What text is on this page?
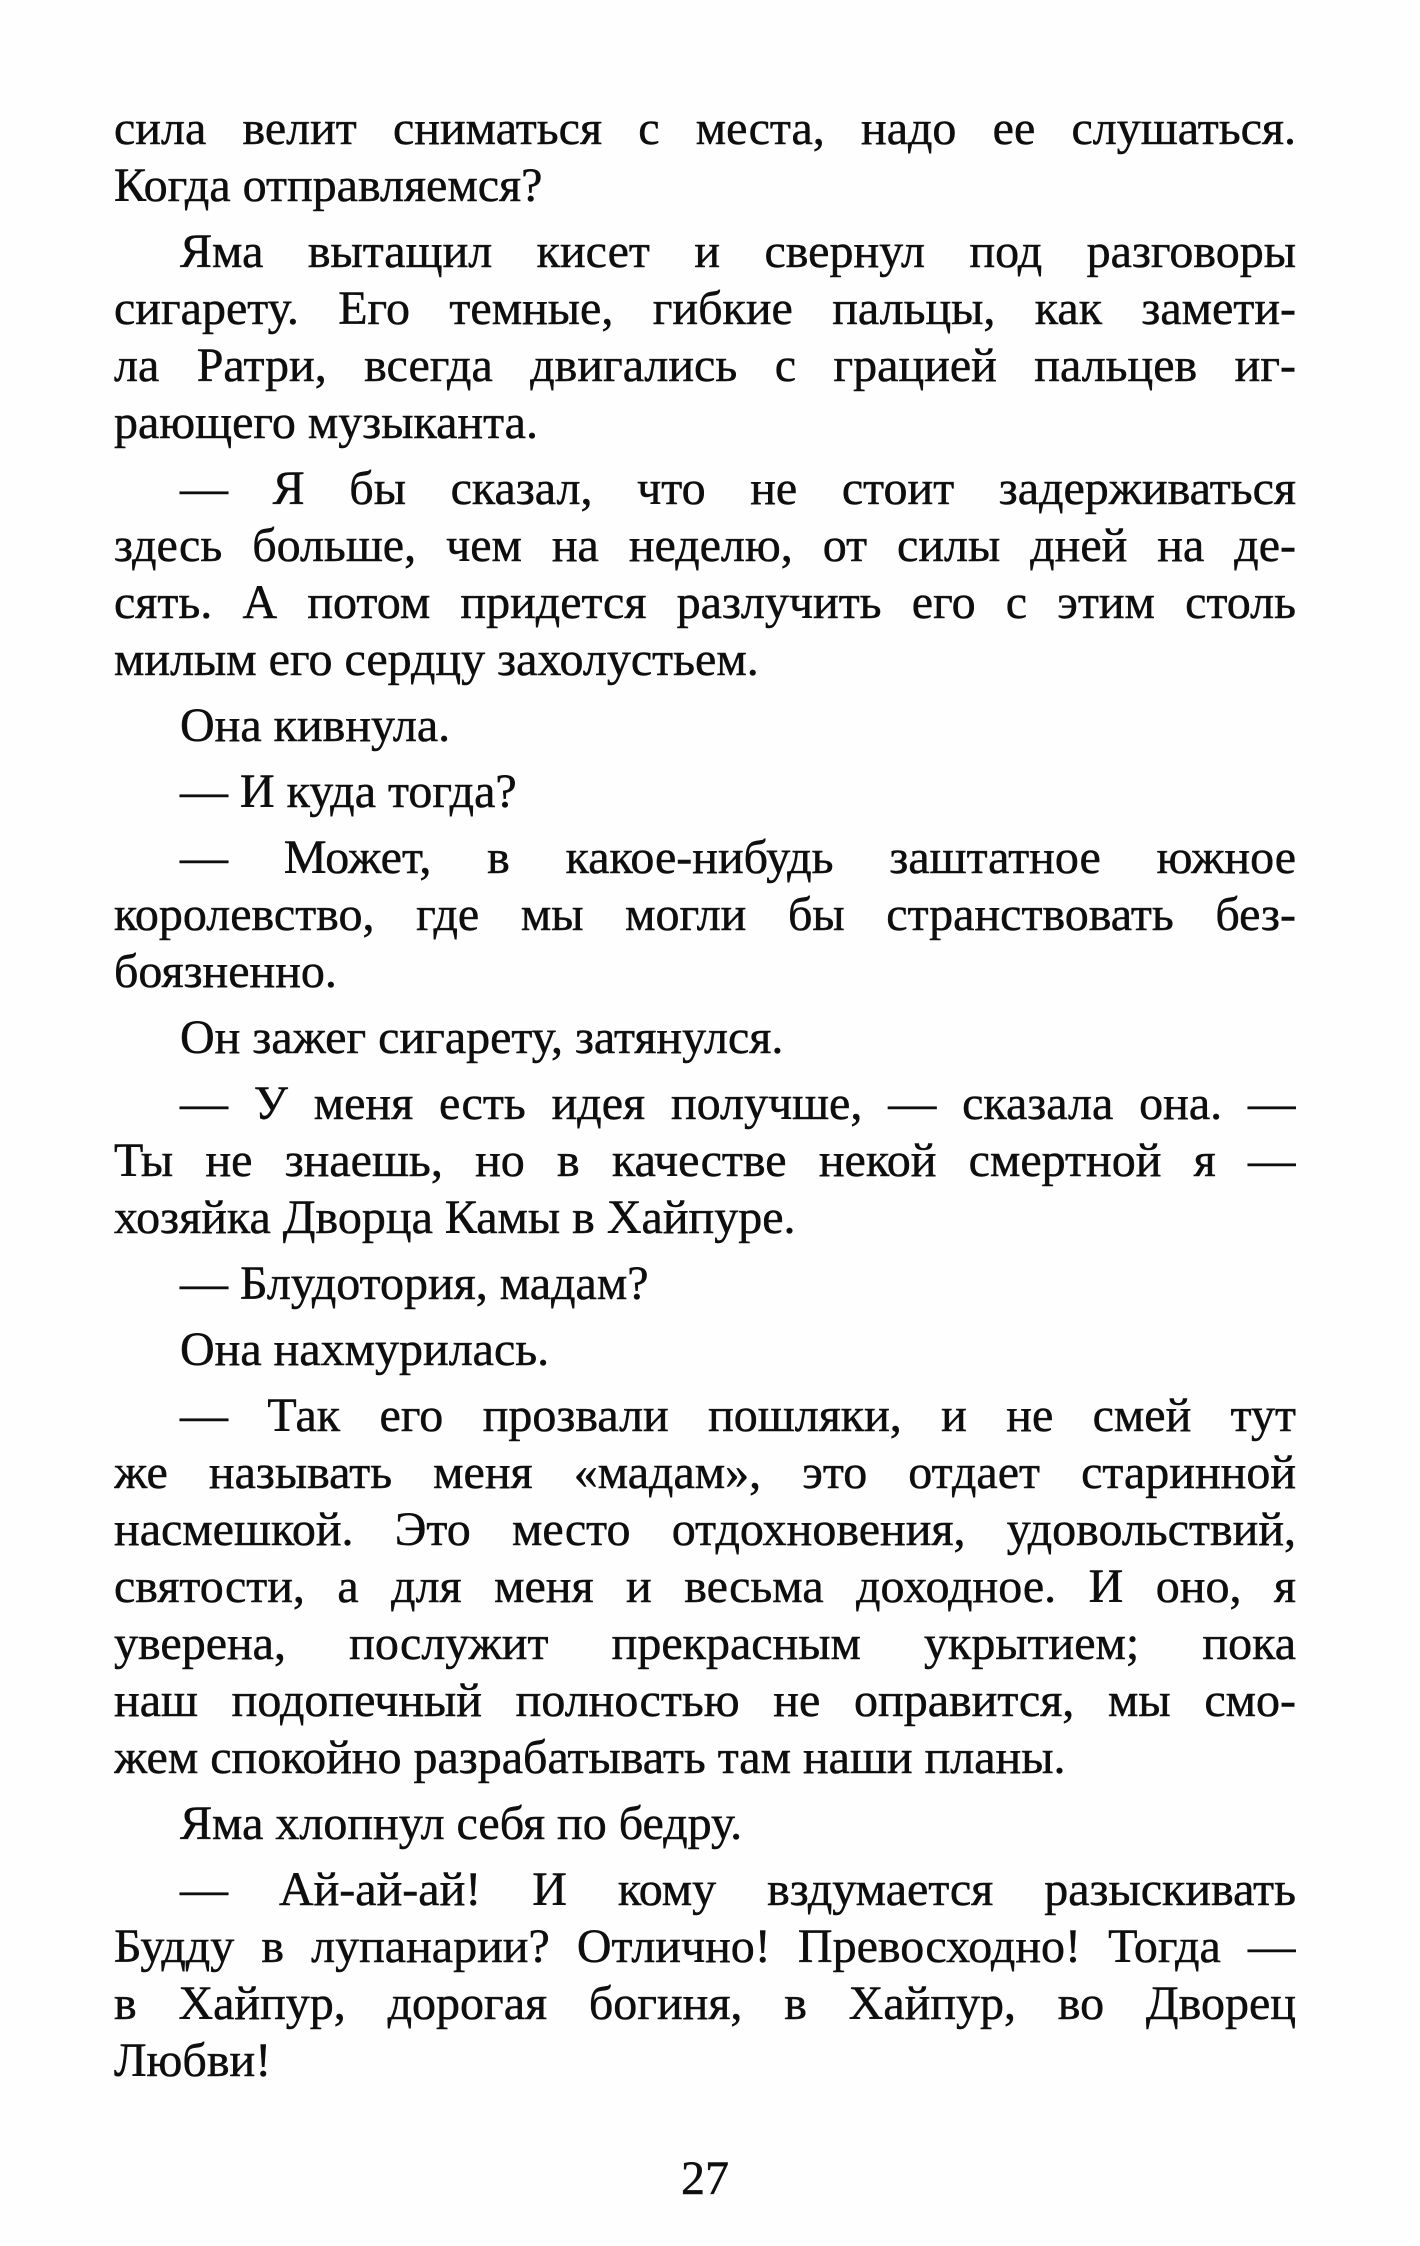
сила велит сниматься с места, надо ее слушаться.
Когда отправляемся?
Яма вытащил кисет и свернул под разговоры
сигарету. Его темные, гибкие пальцы, как замети-
ла Ратри, всегда двигались с грацией пальцев иг-
рающего музыканта.
— Я бы сказал, что не стоит задерживаться
здесь больше, чем на неделю, от силы дней на де-
сять. А потом придется разлучить его с этим столь
милым его сердцу захолустьем.
Она кивнула.
— И куда тогда?
— Может, в какое-нибудь заштатное южное
королевство, где мы могли бы странствовать без-
боязненно.
Он зажег сигарету, затянулся.
— У меня есть идея получше, — сказала она. —
Ты не знаешь, но в качестве некой смертной я —
хозяйка Дворца Камы в Хайпуре.
— Блудотория, мадам?
Она нахмурилась.
— Так его прозвали пошляки, и не смей тут
же называть меня «мадам», это отдает старинной
насмешкой. Это место отдохновения, удовольствий,
святости, а для меня и весьма доходное. И оно, я
уверена, послужит прекрасным укрытием; пока
наш подопечный полностью не оправится, мы смо-
жем спокойно разрабатывать там наши планы.
Яма хлопнул себя по бедру.
— Ай-ай-ай! И кому вздумается разыскивать
Будду в лупанарии? Отлично! Превосходно! Тогда —
в Хайпур, дорогая богиня, в Хайпур, во Дворец
Любви!
27
